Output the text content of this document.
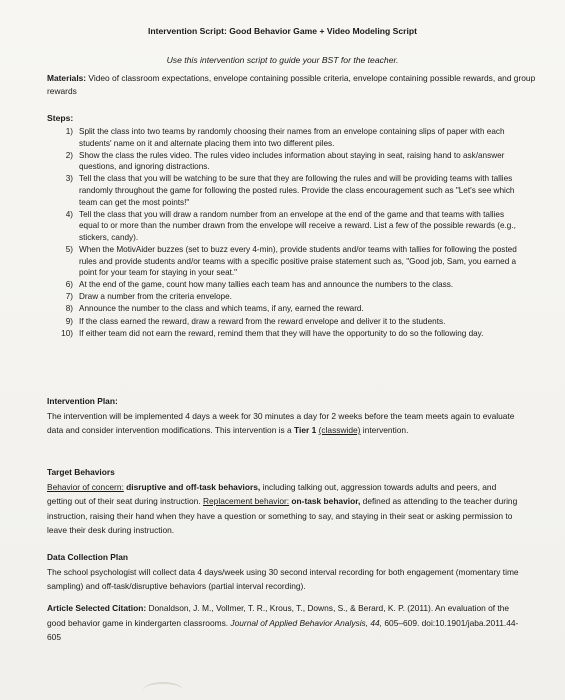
Intervention Script: Good Behavior Game + Video Modeling Script
Use this intervention script to guide your BST for the teacher.
Materials: Video of classroom expectations, envelope containing possible criteria, envelope containing possible rewards, and group rewards
Steps:
1) Split the class into two teams by randomly choosing their names from an envelope containing slips of paper with each students' name on it and alternate placing them into two different piles.
2) Show the class the rules video. The rules video includes information about staying in seat, raising hand to ask/answer questions, and ignoring distractions.
3) Tell the class that you will be watching to be sure that they are following the rules and will be providing teams with tallies randomly throughout the game for following the posted rules. Provide the class encouragement such as "Let's see which team can get the most points!"
4) Tell the class that you will draw a random number from an envelope at the end of the game and that teams with tallies equal to or more than the number drawn from the envelope will receive a reward. List a few of the possible rewards (e.g., stickers, candy).
5) When the MotivAider buzzes (set to buzz every 4-min), provide students and/or teams with tallies for following the posted rules and provide students and/or teams with a specific positive praise statement such as, "Good job, Sam, you earned a point for your team for staying in your seat."
6) At the end of the game, count how many tallies each team has and announce the numbers to the class.
7) Draw a number from the criteria envelope.
8) Announce the number to the class and which teams, if any, earned the reward.
9) If the class earned the reward, draw a reward from the reward envelope and deliver it to the students.
10) If either team did not earn the reward, remind them that they will have the opportunity to do so the following day.
Intervention Plan:
The intervention will be implemented 4 days a week for 30 minutes a day for 2 weeks before the team meets again to evaluate data and consider intervention modifications. This intervention is a Tier 1 (classwide) intervention.
Target Behaviors
Behavior of concern: disruptive and off-task behaviors, including talking out, aggression towards adults and peers, and getting out of their seat during instruction. Replacement behavior: on-task behavior, defined as attending to the teacher during instruction, raising their hand when they have a question or something to say, and staying in their seat or asking permission to leave their desk during instruction.
Data Collection Plan
The school psychologist will collect data 4 days/week using 30 second interval recording for both engagement (momentary time sampling) and off-task/disruptive behaviors (partial interval recording).
Article Selected Citation: Donaldson, J. M., Vollmer, T. R., Krous, T., Downs, S., & Berard, K. P. (2011). An evaluation of the good behavior game in kindergarten classrooms. Journal of Applied Behavior Analysis, 44, 605–609. doi:10.1901/jaba.2011.44-605
